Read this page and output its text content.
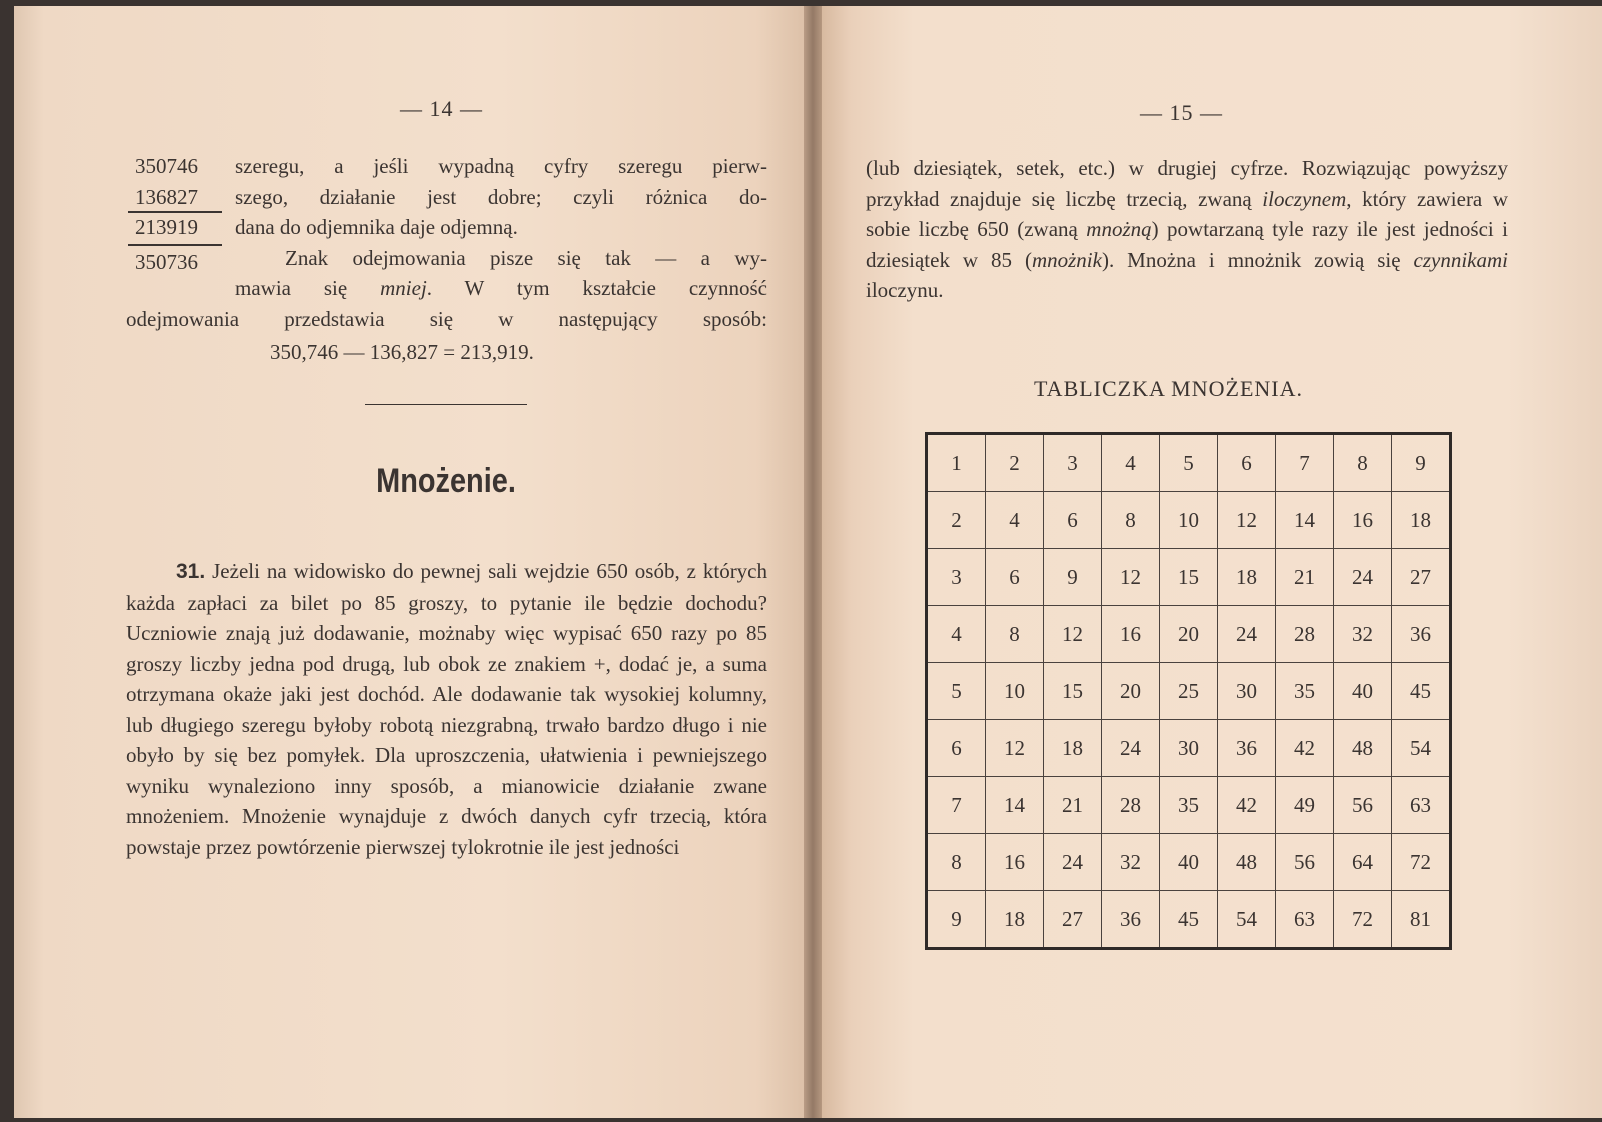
— 14 —
350746
136827
213919
350736

szeregu, a jeśli wypadną cyfry szeregu pierw-

szego, działanie jest dobre; czyli różnica do-

dana do odjemnika daje odjemną.

Znak odejmowania pisze się tak — a wy-

mawia się mniej. W tym kształcie czynność

odejmowania przedstawia się w następujący sposób:
350,746 — 136,827 = 213,919.
Mnożenie.

31. Jeżeli na widowisko do pewnej sali wejdzie 650 osób, z których każda zapłaci za bilet po 85 groszy, to pytanie ile będzie dochodu? Uczniowie znają już dodawanie, możnaby więc wypisać 650 razy po 85 groszy liczby jedna pod drugą, lub obok ze znakiem +, dodać je, a suma otrzymana okaże jaki jest dochód. Ale dodawanie tak wysokiej kolumny, lub długiego szeregu byłoby robotą niezgrabną, trwało bardzo długo i nie obyło by się bez pomyłek. Dla uproszczenia, ułatwienia i pewniejszego wyniku wynaleziono inny sposób, a mianowicie działanie zwane mnożeniem. Mnożenie wynajduje z dwóch danych cyfr trzecią, która powstaje przez powtórzenie pierwszej tylokrotnie ile jest jedności

— 15 —

(lub dziesiątek, setek, etc.) w drugiej cyfrze. Rozwiązując powyższy przykład znajduje się liczbę trzecią, zwaną iloczynem, który zawiera w sobie liczbę 650 (zwaną mnożną) powtarzaną tyle razy ile jest jedności i dziesiątek w 85 (mnożnik). Mnożna i mnożnik zowią się czynnikami iloczynu.

TABLICZKA MNOŻENIA.
1	2	3	4	5	6	7	8	9
2	4	6	8	10	12	14	16	18
3	6	9	12	15	18	21	24	27
4	8	12	16	20	24	28	32	36
5	10	15	20	25	30	35	40	45
6	12	18	24	30	36	42	48	54
7	14	21	28	35	42	49	56	63
8	16	24	32	40	48	56	64	72
9	18	27	36	45	54	63	72	81
